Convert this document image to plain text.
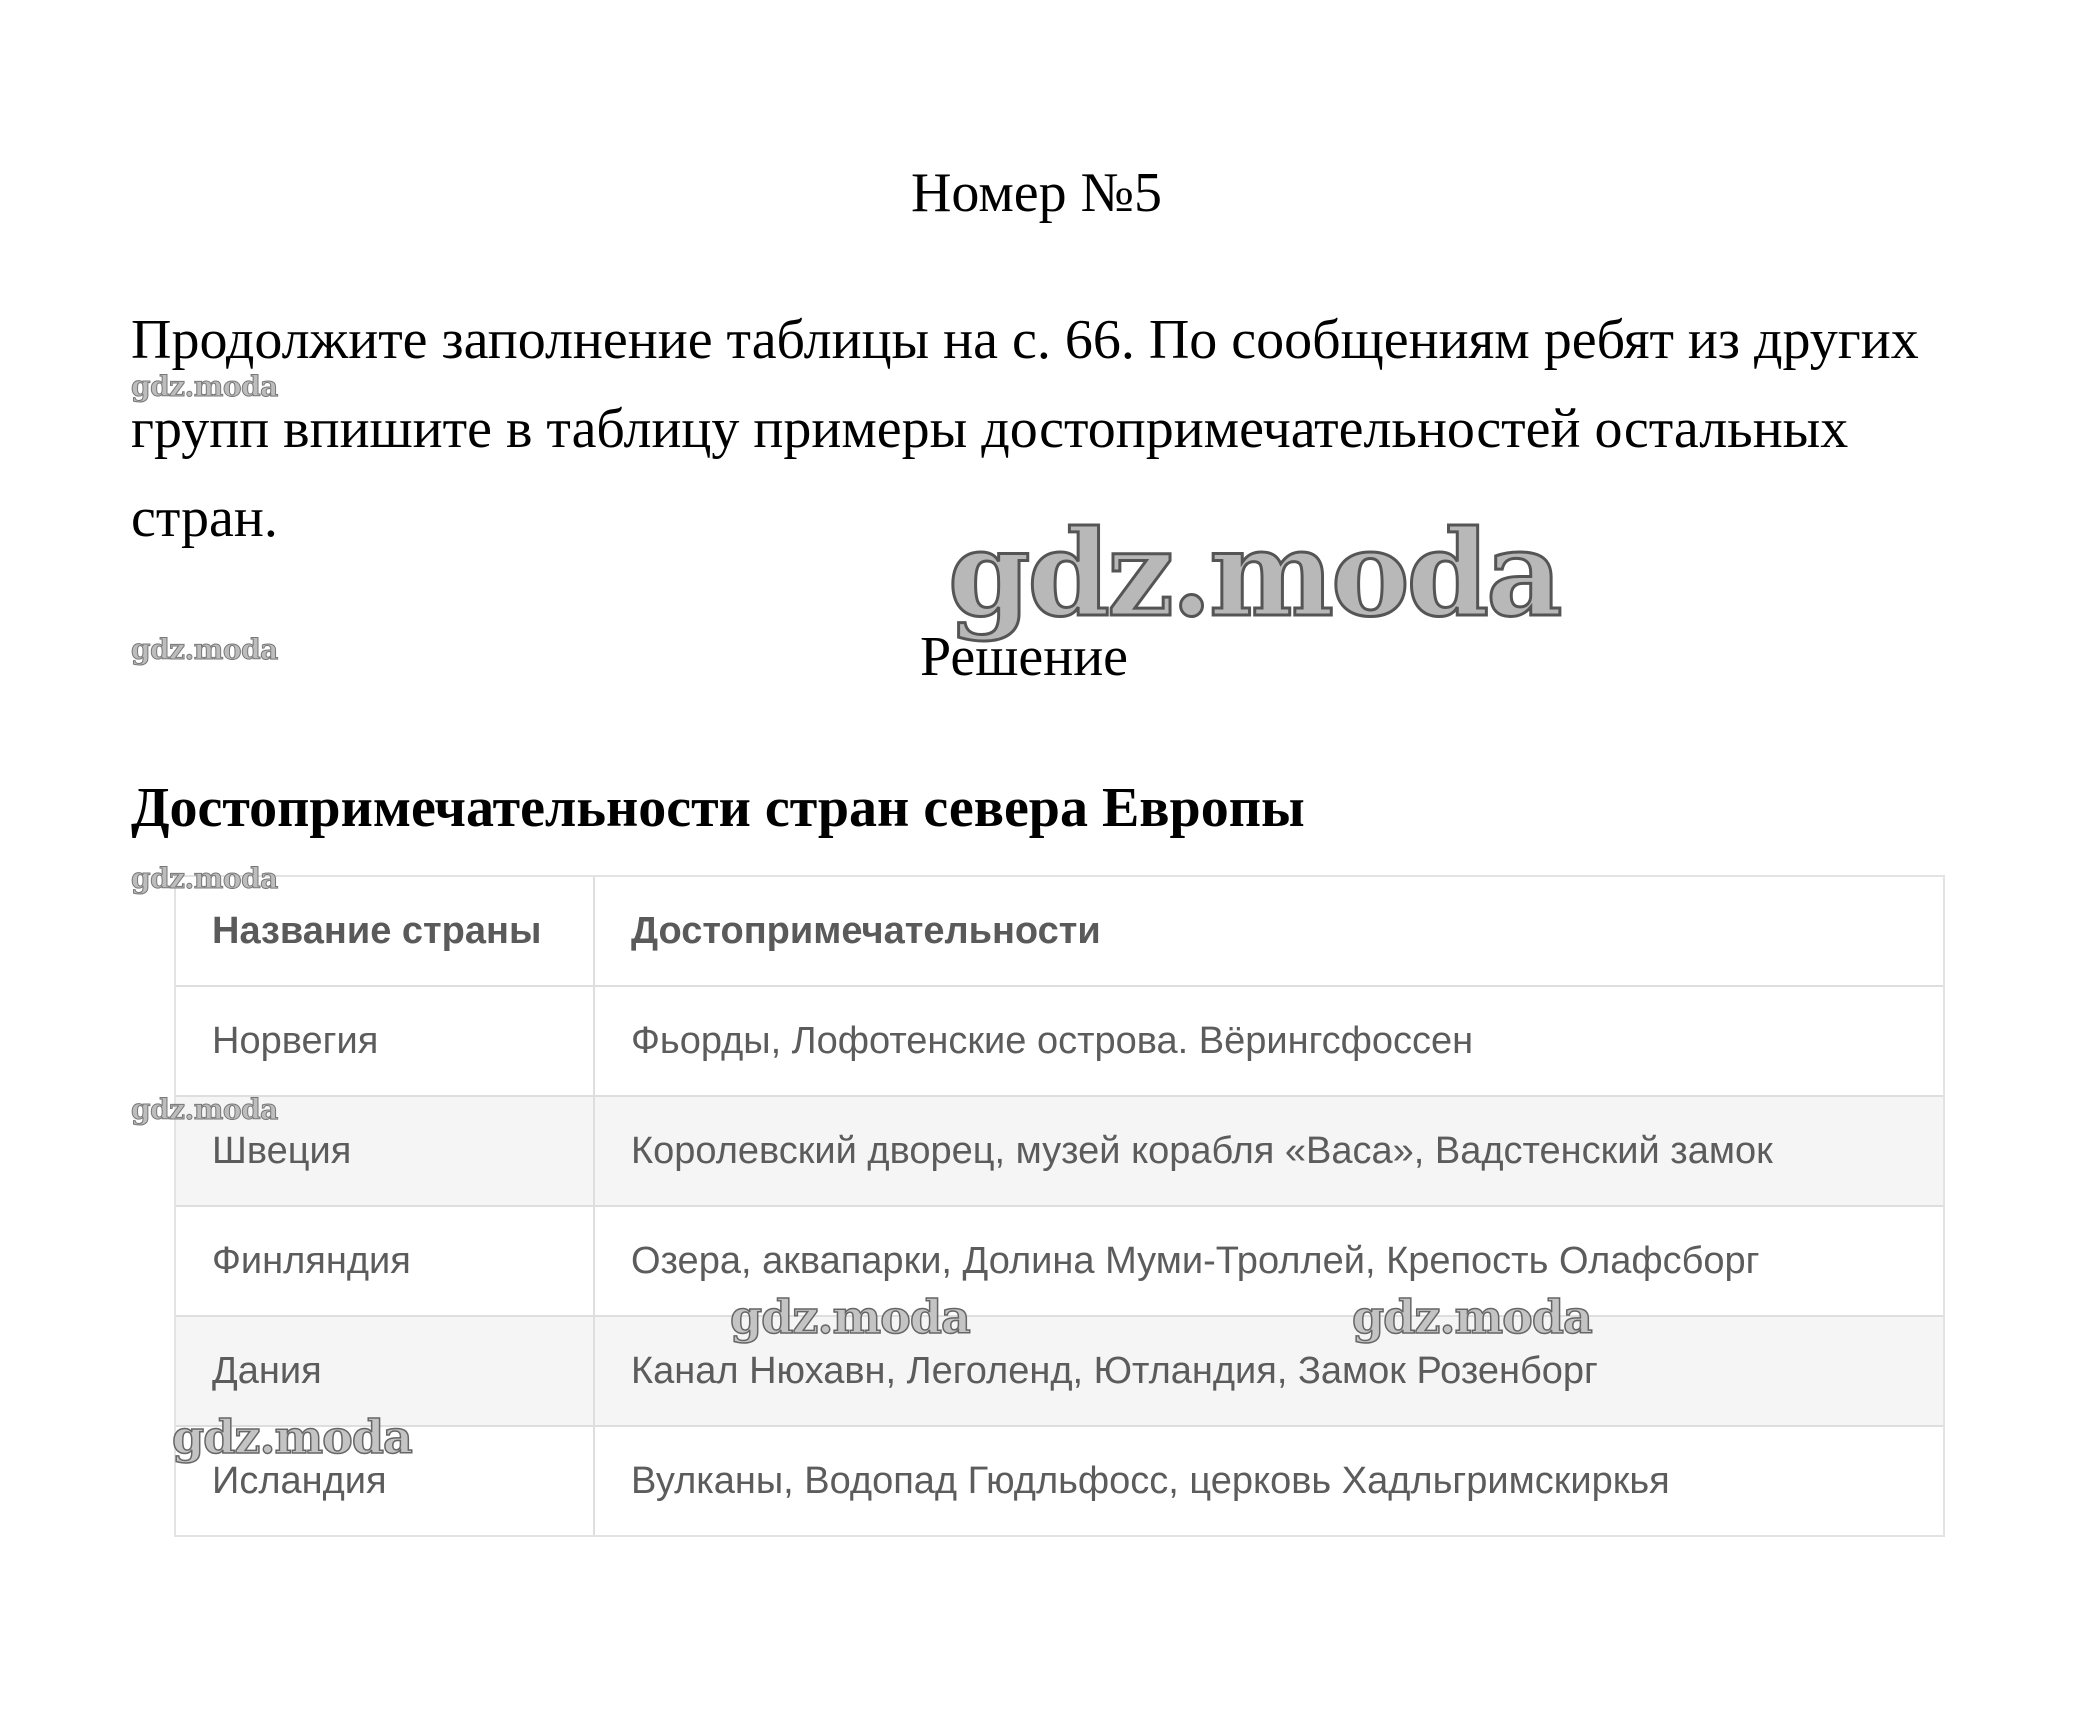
Номер №5
Продолжите заполнение таблицы на с. 66. По сообщениям ребят из других групп впишите в таблицу примеры достопримечательностей остальных стран.
Решение
Достопримечательности стран севера Европы
Название страны	Достопримечательности
Норвегия	Фьорды, Лофотенские острова. Вёрингсфоссен
Швеция	Королевский дворец, музей корабля «Васа», Вадстенский замок
Финляндия	Озера, аквапарки, Долина Муми-Троллей, Крепость Олафсборг
Дания	Канал Нюхавн, Леголенд, Ютландия, Замок Розенборг
Исландия	Вулканы, Водопад Гюдльфосс, церковь Хадльгримскиркья
gdz.moda
gdz.moda
gdz.moda
gdz.moda
gdz.moda
gdz.moda	gdz.moda
gdz.moda
